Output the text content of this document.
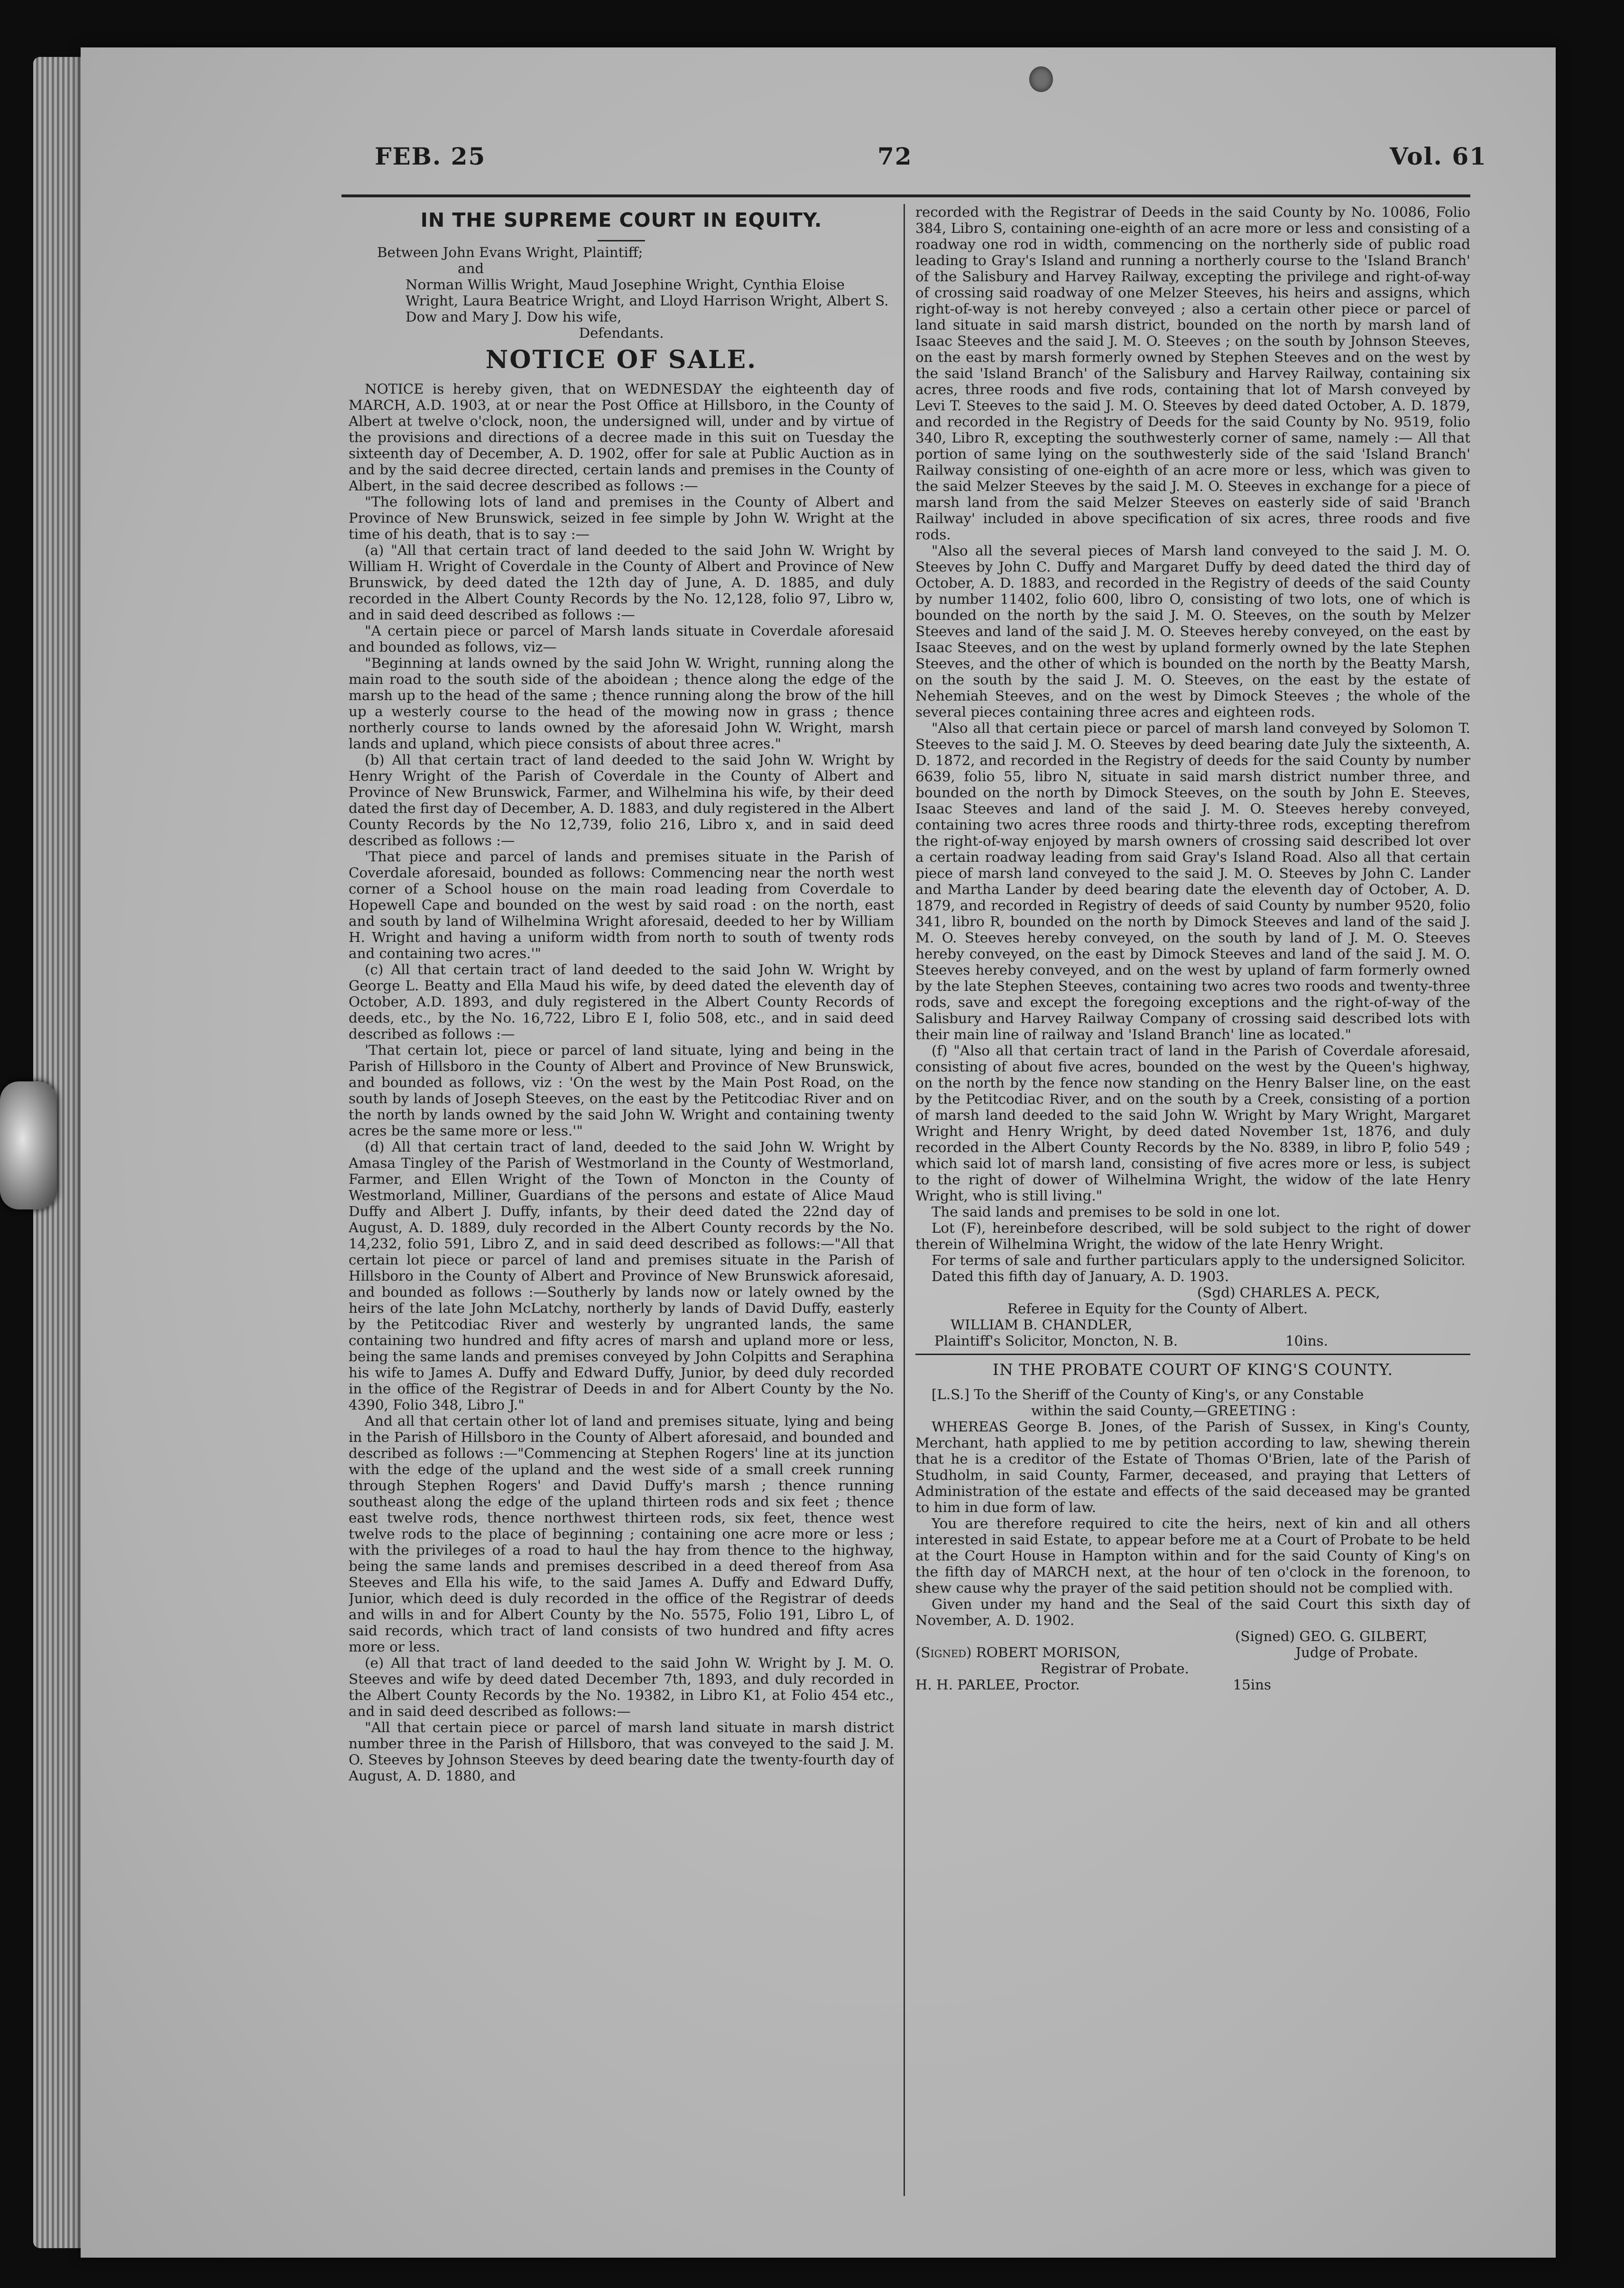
FEB. 25	72	Vol. 61
IN THE SUPREME COURT IN EQUITY.
Between John Evans Wright, Plaintiff;
and
Norman Willis Wright, Maud Josephine Wright, Cynthia Eloise Wright, Laura Beatrice Wright, and Lloyd Harrison Wright, Albert S. Dow and Mary J. Dow his wife,
Defendants.
NOTICE OF SALE.

NOTICE is hereby given, that on WEDNESDAY the eighteenth day of MARCH, A.D. 1903, at or near the Post Office at Hillsboro, in the County of Albert at twelve o'clock, noon, the undersigned will, under and by virtue of the provisions and directions of a decree made in this suit on Tuesday the sixteenth day of December, A. D. 1902, offer for sale at Public Auction as in and by the said decree directed, certain lands and premises in the County of Albert, in the said decree described as follows :—

"The following lots of land and premises in the County of Albert and Province of New Brunswick, seized in fee simple by John W. Wright at the time of his death, that is to say :—

(a) "All that certain tract of land deeded to the said John W. Wright by William H. Wright of Coverdale in the County of Albert and Province of New Brunswick, by deed dated the 12th day of June, A. D. 1885, and duly recorded in the Albert County Records by the No. 12,128, folio 97, Libro w, and in said deed described as follows :—

"A certain piece or parcel of Marsh lands situate in Coverdale aforesaid and bounded as follows, viz—

"Beginning at lands owned by the said John W. Wright, running along the main road to the south side of the aboidean ; thence along the edge of the marsh up to the head of the same ; thence running along the brow of the hill up a westerly course to the head of the mowing now in grass ; thence northerly course to lands owned by the aforesaid John W. Wright, marsh lands and upland, which piece consists of about three acres."

(b) All that certain tract of land deeded to the said John W. Wright by Henry Wright of the Parish of Coverdale in the County of Albert and Province of New Brunswick, Farmer, and Wilhelmina his wife, by their deed dated the first day of December, A. D. 1883, and duly registered in the Albert County Records by the No 12,739, folio 216, Libro x, and in said deed described as follows :—

'That piece and parcel of lands and premises situate in the Parish of Coverdale aforesaid, bounded as follows: Commencing near the north west corner of a School house on the main road leading from Coverdale to Hopewell Cape and bounded on the west by said road : on the north, east and south by land of Wilhelmina Wright aforesaid, deeded to her by William H. Wright and having a uniform width from north to south of twenty rods and containing two acres.'"

(c) All that certain tract of land deeded to the said John W. Wright by George L. Beatty and Ella Maud his wife, by deed dated the eleventh day of October, A.D. 1893, and duly registered in the Albert County Records of deeds, etc., by the No. 16,722, Libro E I, folio 508, etc., and in said deed described as follows :—

'That certain lot, piece or parcel of land situate, lying and being in the Parish of Hillsboro in the County of Albert and Province of New Brunswick, and bounded as follows, viz : 'On the west by the Main Post Road, on the south by lands of Joseph Steeves, on the east by the Petitcodiac River and on the north by lands owned by the said John W. Wright and containing twenty acres be the same more or less.'"

(d) All that certain tract of land, deeded to the said John W. Wright by Amasa Tingley of the Parish of Westmorland in the County of Westmorland, Farmer, and Ellen Wright of the Town of Moncton in the County of Westmorland, Milliner, Guardians of the persons and estate of Alice Maud Duffy and Albert J. Duffy, infants, by their deed dated the 22nd day of August, A. D. 1889, duly recorded in the Albert County records by the No. 14,232, folio 591, Libro Z, and in said deed described as follows:—"All that certain lot piece or parcel of land and premises situate in the Parish of Hillsboro in the County of Albert and Province of New Brunswick aforesaid, and bounded as follows :—Southerly by lands now or lately owned by the heirs of the late John McLatchy, northerly by lands of David Duffy, easterly by the Petitcodiac River and westerly by ungranted lands, the same containing two hundred and fifty acres of marsh and upland more or less, being the same lands and premises conveyed by John Colpitts and Seraphina his wife to James A. Duffy and Edward Duffy, Junior, by deed duly recorded in the office of the Registrar of Deeds in and for Albert County by the No. 4390, Folio 348, Libro J."

And all that certain other lot of land and premises situate, lying and being in the Parish of Hillsboro in the County of Albert aforesaid, and bounded and described as follows :—"Commencing at Stephen Rogers' line at its junction with the edge of the upland and the west side of a small creek running through Stephen Rogers' and David Duffy's marsh ; thence running southeast along the edge of the upland thirteen rods and six feet ; thence east twelve rods, thence northwest thirteen rods, six feet, thence west twelve rods to the place of beginning ; containing one acre more or less ; with the privileges of a road to haul the hay from thence to the highway, being the same lands and premises described in a deed thereof from Asa Steeves and Ella his wife, to the said James A. Duffy and Edward Duffy, Junior, which deed is duly recorded in the office of the Registrar of deeds and wills in and for Albert County by the No. 5575, Folio 191, Libro L, of said records, which tract of land consists of two hundred and fifty acres more or less.

(e) All that tract of land deeded to the said John W. Wright by J. M. O. Steeves and wife by deed dated December 7th, 1893, and duly recorded in the Albert County Records by the No. 19382, in Libro K1, at Folio 454 etc., and in said deed described as follows:—

"All that certain piece or parcel of marsh land situate in marsh district number three in the Parish of Hillsboro, that was conveyed to the said J. M. O. Steeves by Johnson Steeves by deed bearing date the twenty-fourth day of August, A. D. 1880, and

recorded with the Registrar of Deeds in the said County by No. 10086, Folio 384, Libro S, containing one-eighth of an acre more or less and consisting of a roadway one rod in width, commencing on the northerly side of public road leading to Gray's Island and running a northerly course to the 'Island Branch' of the Salisbury and Harvey Railway, excepting the privilege and right-of-way of crossing said roadway of one Melzer Steeves, his heirs and assigns, which right-of-way is not hereby conveyed ; also a certain other piece or parcel of land situate in said marsh district, bounded on the north by marsh land of Isaac Steeves and the said J. M. O. Steeves ; on the south by Johnson Steeves, on the east by marsh formerly owned by Stephen Steeves and on the west by the said 'Island Branch' of the Salisbury and Harvey Railway, containing six acres, three roods and five rods, containing that lot of Marsh conveyed by Levi T. Steeves to the said J. M. O. Steeves by deed dated October, A. D. 1879, and recorded in the Registry of Deeds for the said County by No. 9519, folio 340, Libro R, excepting the southwesterly corner of same, namely :— All that portion of same lying on the southwesterly side of the said 'Island Branch' Railway consisting of one-eighth of an acre more or less, which was given to the said Melzer Steeves by the said J. M. O. Steeves in exchange for a piece of marsh land from the said Melzer Steeves on easterly side of said 'Branch Railway' included in above specification of six acres, three roods and five rods.

"Also all the several pieces of Marsh land conveyed to the said J. M. O. Steeves by John C. Duffy and Margaret Duffy by deed dated the third day of October, A. D. 1883, and recorded in the Registry of deeds of the said County by number 11402, folio 600, libro O, consisting of two lots, one of which is bounded on the north by the said J. M. O. Steeves, on the south by Melzer Steeves and land of the said J. M. O. Steeves hereby conveyed, on the east by Isaac Steeves, and on the west by upland formerly owned by the late Stephen Steeves, and the other of which is bounded on the north by the Beatty Marsh, on the south by the said J. M. O. Steeves, on the east by the estate of Nehemiah Steeves, and on the west by Dimock Steeves ; the whole of the several pieces containing three acres and eighteen rods.

"Also all that certain piece or parcel of marsh land conveyed by Solomon T. Steeves to the said J. M. O. Steeves by deed bearing date July the sixteenth, A. D. 1872, and recorded in the Registry of deeds for the said County by number 6639, folio 55, libro N, situate in said marsh district number three, and bounded on the north by Dimock Steeves, on the south by John E. Steeves, Isaac Steeves and land of the said J. M. O. Steeves hereby conveyed, containing two acres three roods and thirty-three rods, excepting therefrom the right-of-way enjoyed by marsh owners of crossing said described lot over a certain roadway leading from said Gray's Island Road. Also all that certain piece of marsh land conveyed to the said J. M. O. Steeves by John C. Lander and Martha Lander by deed bearing date the eleventh day of October, A. D. 1879, and recorded in Registry of deeds of said County by number 9520, folio 341, libro R, bounded on the north by Dimock Steeves and land of the said J. M. O. Steeves hereby conveyed, on the south by land of J. M. O. Steeves hereby conveyed, on the east by Dimock Steeves and land of the said J. M. O. Steeves hereby conveyed, and on the west by upland of farm formerly owned by the late Stephen Steeves, containing two acres two roods and twenty-three rods, save and except the foregoing exceptions and the right-of-way of the Salisbury and Harvey Railway Company of crossing said described lots with their main line of railway and 'Island Branch' line as located."

(f) "Also all that certain tract of land in the Parish of Coverdale aforesaid, consisting of about five acres, bounded on the west by the Queen's highway, on the north by the fence now standing on the Henry Balser line, on the east by the Petitcodiac River, and on the south by a Creek, consisting of a portion of marsh land deeded to the said John W. Wright by Mary Wright, Margaret Wright and Henry Wright, by deed dated November 1st, 1876, and duly recorded in the Albert County Records by the No. 8389, in libro P, folio 549 ; which said lot of marsh land, consisting of five acres more or less, is subject to the right of dower of Wilhelmina Wright, the widow of the late Henry Wright, who is still living."

The said lands and premises to be sold in one lot.

Lot (F), hereinbefore described, will be sold subject to the right of dower therein of Wilhelmina Wright, the widow of the late Henry Wright.

For terms of sale and further particulars apply to the undersigned Solicitor.

Dated this fifth day of January, A. D. 1903.

(Sgd) CHARLES A. PECK,

Referee in Equity for the County of Albert.

WILLIAM B. CHANDLER,

Plaintiff's Solicitor, Moncton, N. B.	10ins.
IN THE PROBATE COURT OF KING'S COUNTY.

[L.S.] To the Sheriff of the County of King's, or any Constable

within the said County,—GREETING :

WHEREAS George B. Jones, of the Parish of Sussex, in King's County, Merchant, hath applied to me by petition according to law, shewing therein that he is a creditor of the Estate of Thomas O'Brien, late of the Parish of Studholm, in said County, Farmer, deceased, and praying that Letters of Administration of the estate and effects of the said deceased may be granted to him in due form of law.

You are therefore required to cite the heirs, next of kin and all others interested in said Estate, to appear before me at a Court of Probate to be held at the Court House in Hampton within and for the said County of King's on the fifth day of MARCH next, at the hour of ten o'clock in the forenoon, to shew cause why the prayer of the said petition should not be complied with.

Given under my hand and the Seal of the said Court this sixth day of November, A. D. 1902.

(Signed) GEO. G. GILBERT,

(Signed) ROBERT MORISON,	Judge of Probate.

Registrar of Probate.

H. H. PARLEE, Proctor.	15ins
